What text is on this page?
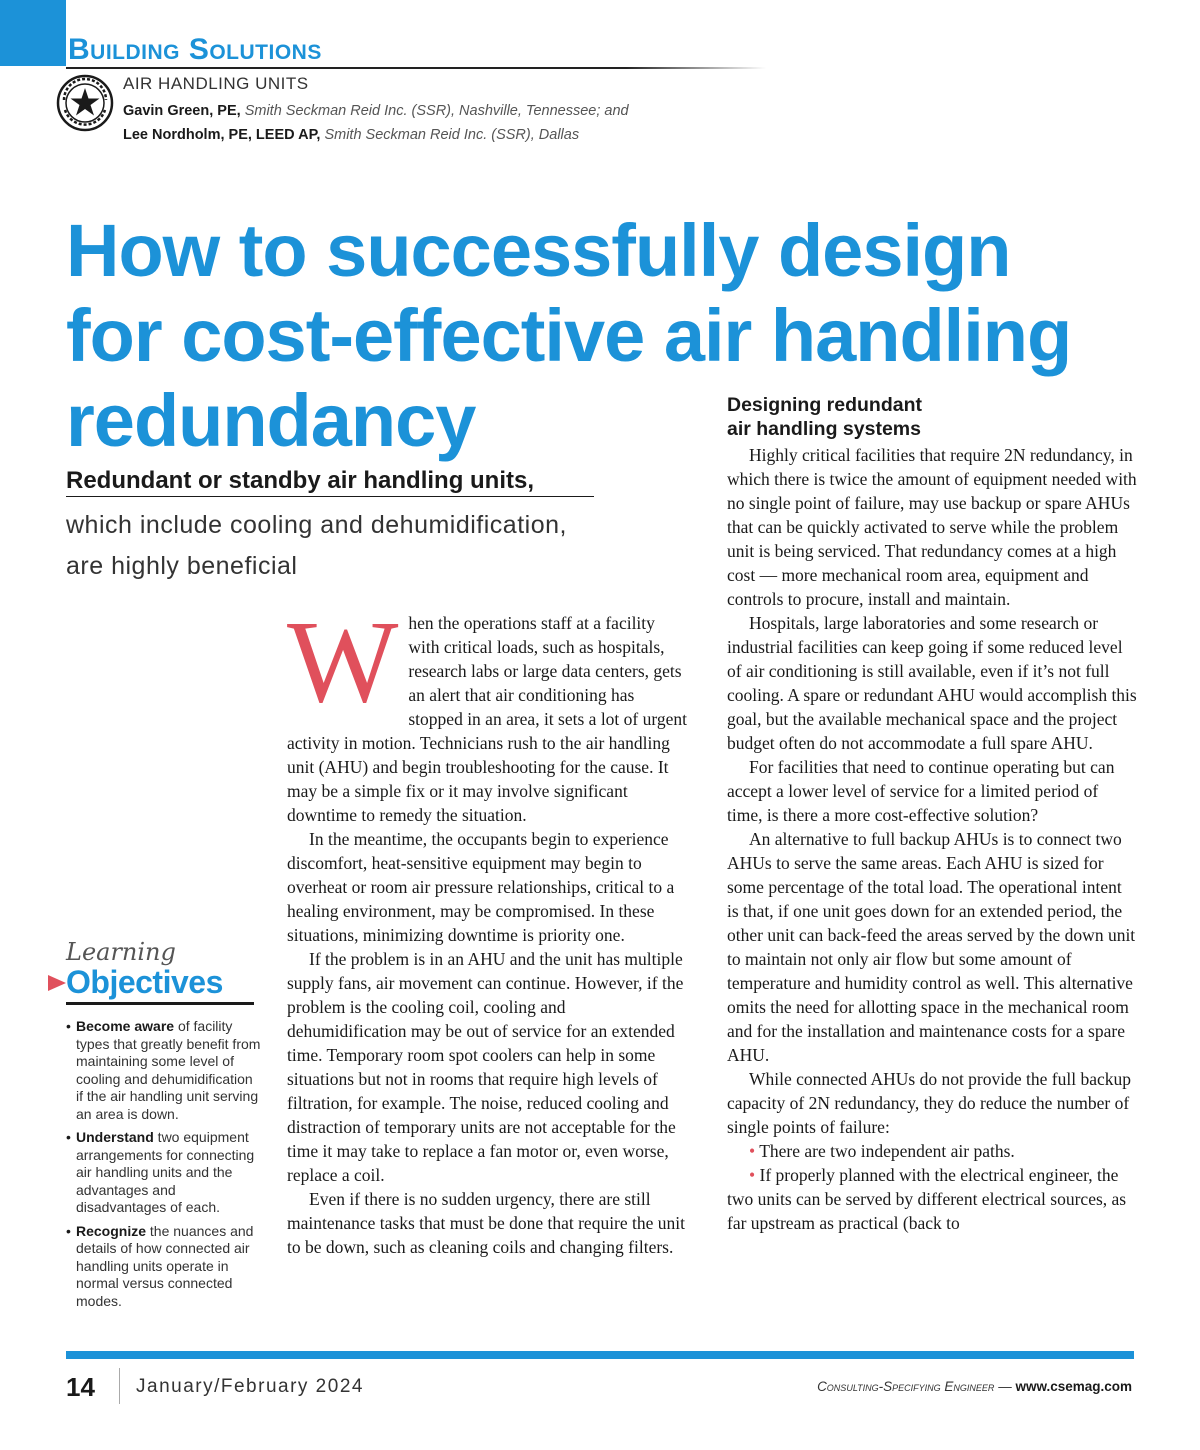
Building Solutions
AIR HANDLING UNITS
Gavin Green, PE, Smith Seckman Reid Inc. (SSR), Nashville, Tennessee; and
Lee Nordholm, PE, LEED AP, Smith Seckman Reid Inc. (SSR), Dallas
How to successfully design
for cost-effective air handling
redundancy
Redundant or standby air handling units,
which include cooling and dehumidification,
are highly beneficial

When the operations staff at a facility with critical loads, such as hospitals, research labs or large data centers, gets an alert that air conditioning has stopped in an area, it sets a lot of urgent activity in motion. Technicians rush to the air handling unit (AHU) and begin troubleshooting for the cause. It may be a simple fix or it may involve significant downtime to remedy the situation.

In the meantime, the occupants begin to experience discomfort, heat-sensitive equipment may begin to overheat or room air pressure relationships, critical to a healing environment, may be compromised. In these situations, minimizing downtime is priority one.

If the problem is in an AHU and the unit has multiple supply fans, air movement can continue. However, if the problem is the cooling coil, cooling and dehumidification may be out of service for an extended time. Temporary room spot coolers can help in some situations but not in rooms that require high levels of filtration, for example. The noise, reduced cooling and distraction of temporary units are not acceptable for the time it may take to replace a fan motor or, even worse, replace a coil.

Even if there is no sudden urgency, there are still maintenance tasks that must be done that require the unit to be down, such as cleaning coils and changing filters.

Designing redundant
air handling systems

Highly critical facilities that require 2N redundancy, in which there is twice the amount of equipment needed with no single point of failure, may use backup or spare AHUs that can be quickly activated to serve while the problem unit is being serviced. That redundancy comes at a high cost — more mechanical room area, equipment and controls to procure, install and maintain.

Hospitals, large laboratories and some research or industrial facilities can keep going if some reduced level of air conditioning is still available, even if it’s not full cooling. A spare or redundant AHU would accomplish this goal, but the available mechanical space and the project budget often do not accommodate a full spare AHU.

For facilities that need to continue operating but can accept a lower level of service for a limited period of time, is there a more cost-effective solution?

An alternative to full backup AHUs is to connect two AHUs to serve the same areas. Each AHU is sized for some percentage of the total load. The operational intent is that, if one unit goes down for an extended period, the other unit can back-feed the areas served by the down unit to maintain not only air flow but some amount of temperature and humidity control as well. This alternative omits the need for allotting space in the mechanical room and for the installation and maintenance costs for a spare AHU.

While connected AHUs do not provide the full backup capacity of 2N redundancy, they do reduce the number of single points of failure:

• There are two independent air paths.

• If properly planned with the electrical engineer, the two units can be served by different electrical sources, as far upstream as practical (back to

Learning
Objectives
• Become aware of facility types that greatly benefit from maintaining some level of cooling and dehumidification if the air handling unit serving an area is down.
• Understand two equipment arrangements for connecting air handling units and the advantages and disadvantages of each.
• Recognize the nuances and details of how connected air handling units operate in normal versus connected modes.
14 January/February 2024	Consulting-Specifying Engineer — www.csemag.com
